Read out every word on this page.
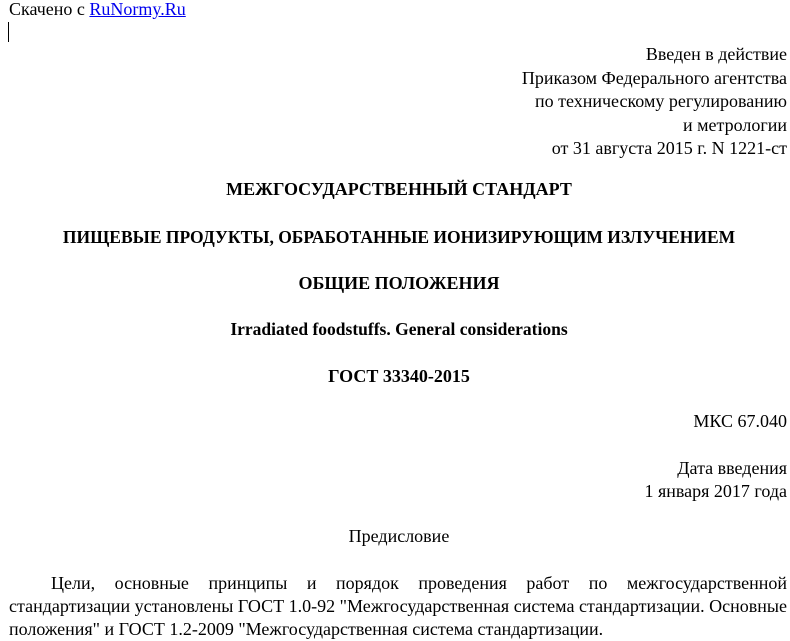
Скачено с RuNormy.Ru
Введен в действие
Приказом Федерального агентства
по техническому регулированию
и метрологии
от 31 августа 2015 г. N 1221-ст
МЕЖГОСУДАРСТВЕННЫЙ СТАНДАРТ
ПИЩЕВЫЕ ПРОДУКТЫ, ОБРАБОТАННЫЕ ИОНИЗИРУЮЩИМ ИЗЛУЧЕНИЕМ
ОБЩИЕ ПОЛОЖЕНИЯ
Irradiated foodstuffs. General considerations
ГОСТ 33340-2015
МКС 67.040
Дата введения
1 января 2017 года
Предисловие
Цели, основные принципы и порядок проведения работ по межгосударственной стандартизации установлены ГОСТ 1.0-92 "Межгосударственная система стандартизации. Основные положения" и ГОСТ 1.2-2009 "Межгосударственная система стандартизации.
